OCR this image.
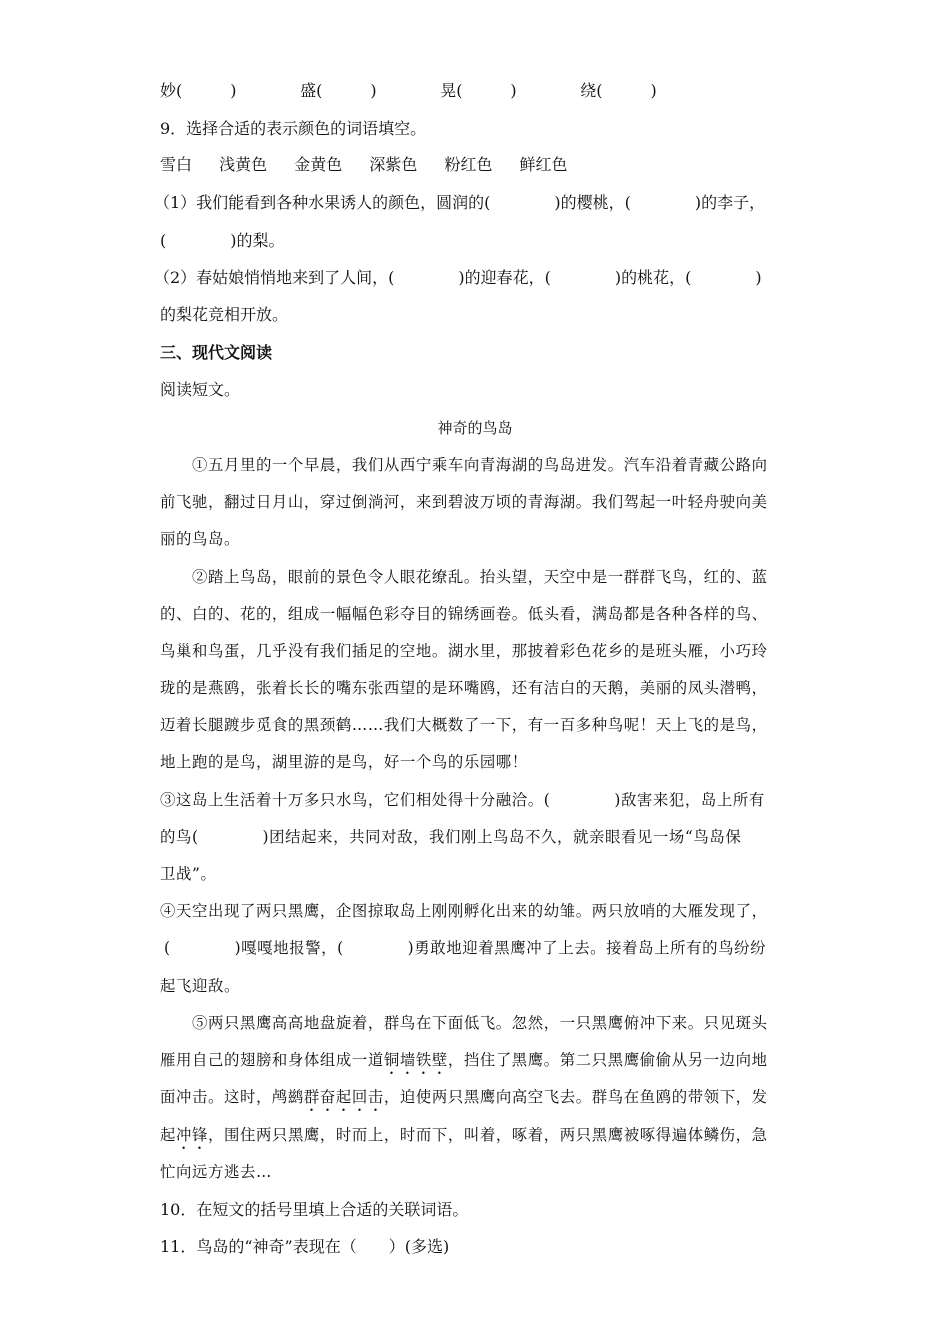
妙(　　　)	盛(　　　)	晃(　　　)	绕(　　　)
9．选择合适的表示颜色的词语填空。
雪白 浅黄色 金黄色 深紫色 粉红色 鲜红色
（1）我们能看到各种水果诱人的颜色，圆润的(　　　　)的樱桃，(　　　　)的李子，
(　　　　)的梨。
（2）春姑娘悄悄地来到了人间，(　　　　)的迎春花，(　　　　)的桃花，(　　　　)
的梨花竞相开放。
三、现代文阅读
阅读短文。
神奇的鸟岛
　　①五月里的一个早晨，我们从西宁乘车向青海湖的鸟岛进发。汽车沿着青藏公路向
前飞驰，翻过日月山，穿过倒淌河，来到碧波万顷的青海湖。我们驾起一叶轻舟驶向美
丽的鸟岛。
　　②踏上鸟岛，眼前的景色令人眼花缭乱。抬头望，天空中是一群群飞鸟，红的、蓝
的、白的、花的，组成一幅幅色彩夺目的锦绣画卷。低头看，满岛都是各种各样的鸟、
鸟巢和鸟蛋，几乎没有我们插足的空地。湖水里，那披着彩色花乡的是班头雁，小巧玲
珑的是燕鸥，张着长长的嘴东张西望的是环嘴鸥，还有洁白的天鹅，美丽的凤头潜鸭，
迈着长腿踱步觅食的黑颈鹤……我们大概数了一下，有一百多种鸟呢！天上飞的是鸟，
地上跑的是鸟，湖里游的是鸟，好一个鸟的乐园哪！
③这岛上生活着十万多只水鸟，它们相处得十分融洽。(　　　　)敌害来犯，岛上所有
的鸟(　　　　)团结起来，共同对敌，我们刚上鸟岛不久，就亲眼看见一场“鸟岛保
卫战”。
④天空出现了两只黑鹰，企图掠取岛上刚刚孵化出来的幼雏。两只放哨的大雁发现了，
(　　　　)嘎嘎地报警，(　　　　)勇敢地迎着黑鹰冲了上去。接着岛上所有的鸟纷纷
起飞迎敌。
　　⑤两只黑鹰高高地盘旋着，群鸟在下面低飞。忽然，一只黑鹰俯冲下来。只见斑头
雁用自己的翅膀和身体组成一道铜墙铁壁，挡住了黑鹰。第二只黑鹰偷偷从另一边向地
面冲击。这时，鸬鹚群奋起回击，迫使两只黑鹰向高空飞去。群鸟在鱼鸥的带领下，发
起冲锋，围住两只黑鹰，时而上，时而下，叫着，啄着，两只黑鹰被啄得遍体鳞伤，急
忙向远方逃去…
10．在短文的括号里填上合适的关联词语。
11．鸟岛的“神奇”表现在（　　）(多选)
